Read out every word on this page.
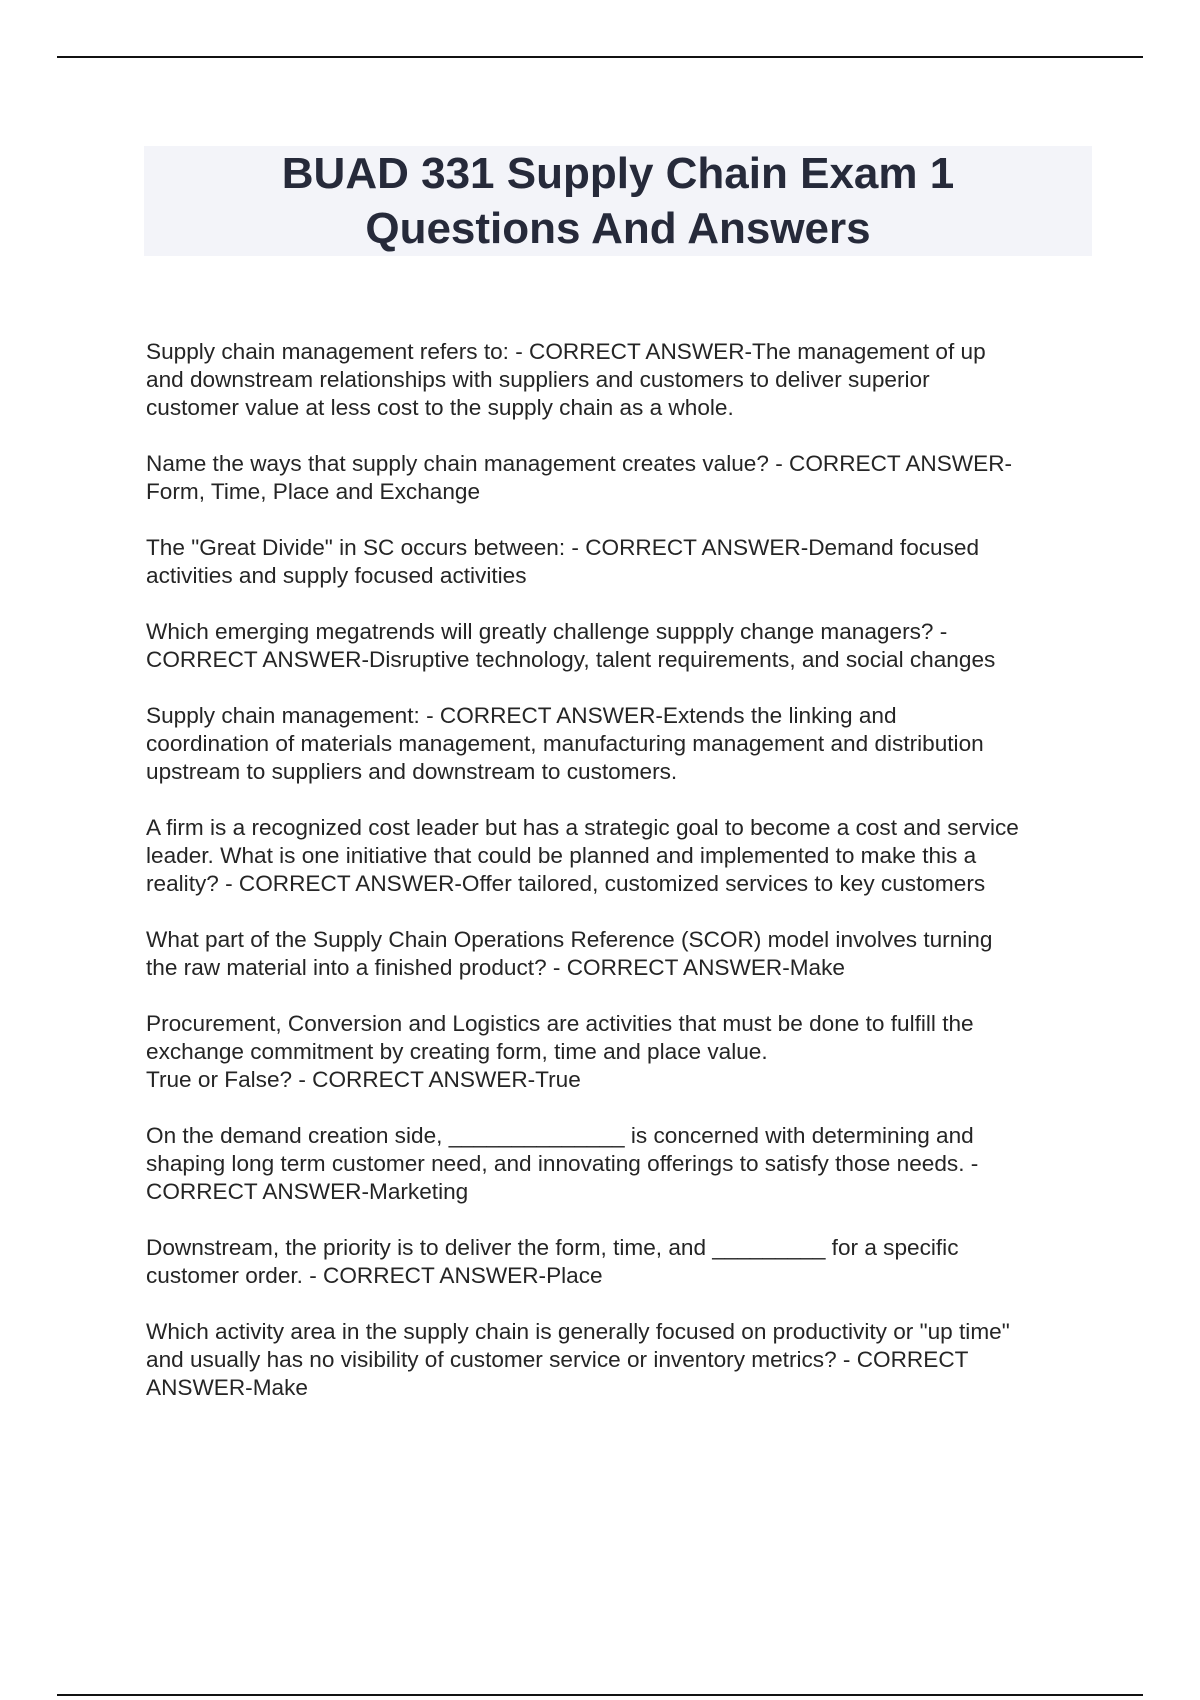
BUAD 331 Supply Chain Exam 1
Questions And Answers

Supply chain management refers to: - CORRECT ANSWER-The management of up
and downstream relationships with suppliers and customers to deliver superior
customer value at less cost to the supply chain as a whole.

Name the ways that supply chain management creates value? - CORRECT ANSWER-
Form, Time, Place and Exchange

The "Great Divide" in SC occurs between: - CORRECT ANSWER-Demand focused
activities and supply focused activities

Which emerging megatrends will greatly challenge suppply change managers? -
CORRECT ANSWER-Disruptive technology, talent requirements, and social changes

Supply chain management: - CORRECT ANSWER-Extends the linking and
coordination of materials management, manufacturing management and distribution
upstream to suppliers and downstream to customers.

A firm is a recognized cost leader but has a strategic goal to become a cost and service
leader. What is one initiative that could be planned and implemented to make this a
reality? - CORRECT ANSWER-Offer tailored, customized services to key customers

What part of the Supply Chain Operations Reference (SCOR) model involves turning
the raw material into a finished product? - CORRECT ANSWER-Make

Procurement, Conversion and Logistics are activities that must be done to fulfill the
exchange commitment by creating form, time and place value.
True or False? - CORRECT ANSWER-True

On the demand creation side, ______________ is concerned with determining and
shaping long term customer need, and innovating offerings to satisfy those needs. -
CORRECT ANSWER-Marketing

Downstream, the priority is to deliver the form, time, and _________ for a specific
customer order. - CORRECT ANSWER-Place

Which activity area in the supply chain is generally focused on productivity or "up time"
and usually has no visibility of customer service or inventory metrics? - CORRECT
ANSWER-Make
